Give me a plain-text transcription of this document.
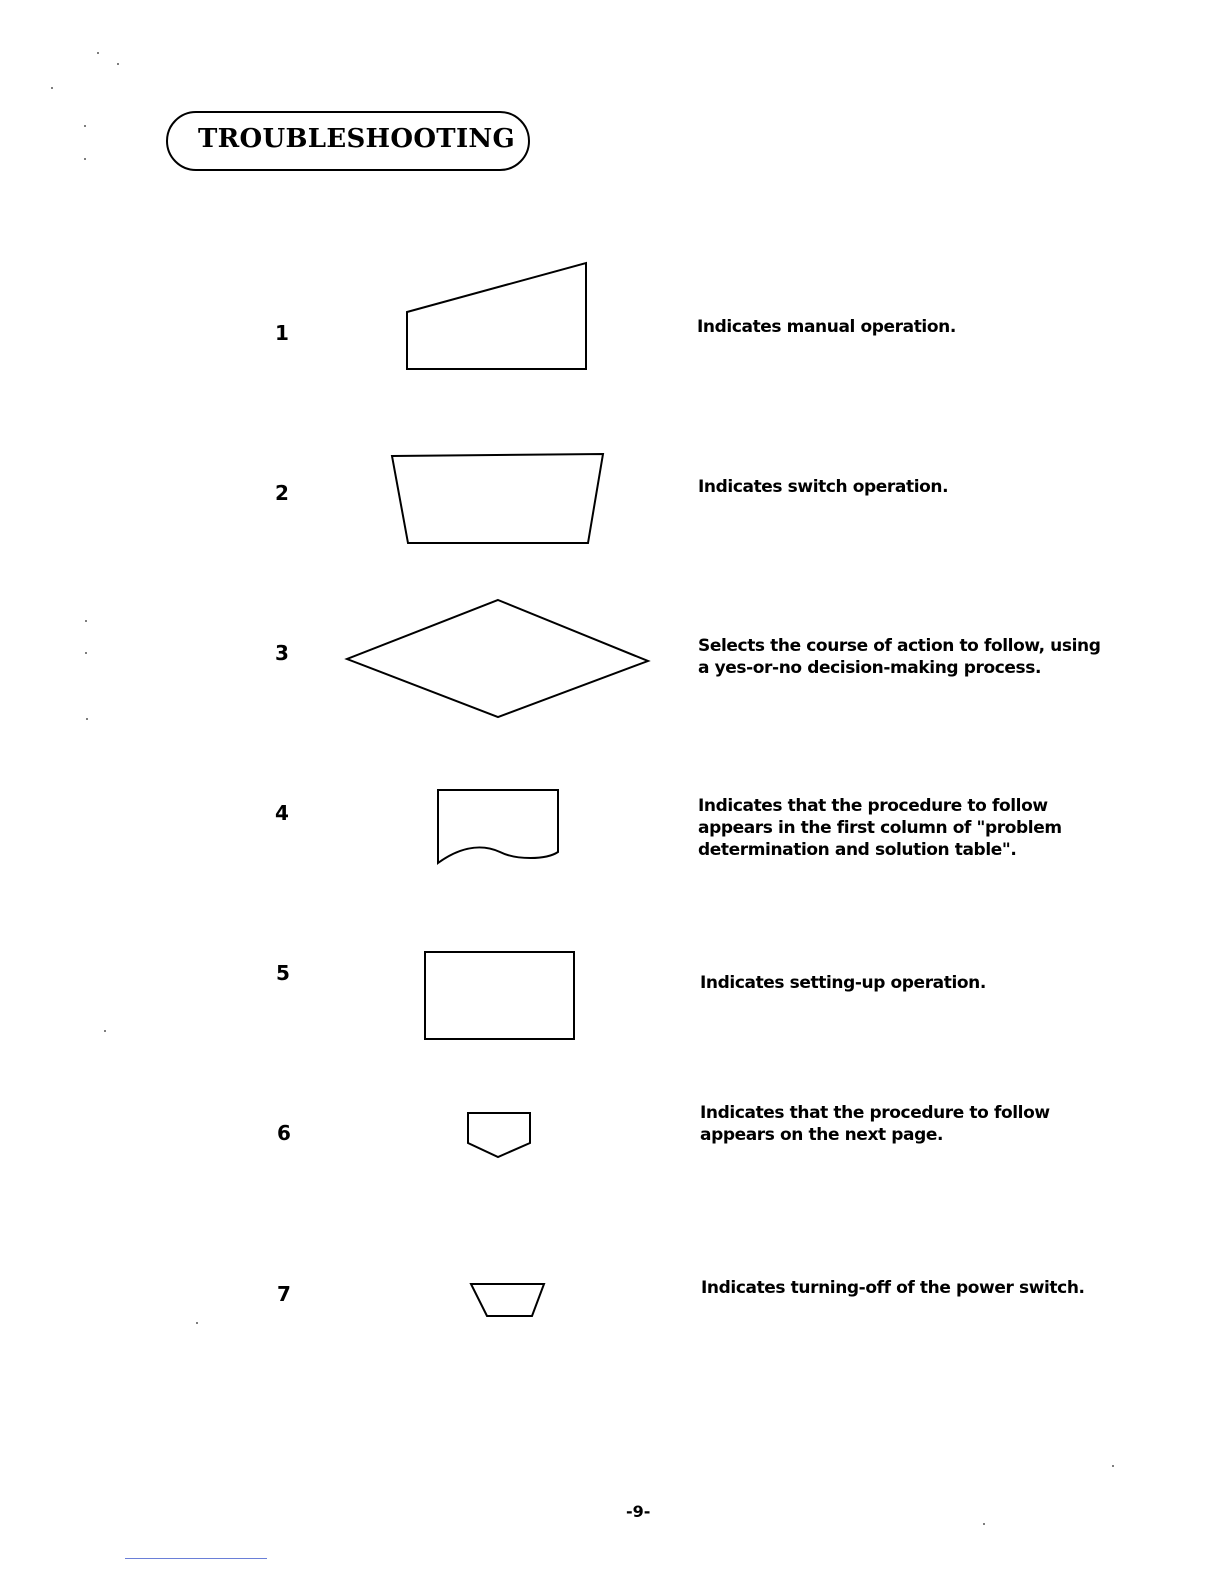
TROUBLESHOOTING
1
2
3
4
5
6
7
Indicates manual operation.
Indicates switch operation.
Selects the course of action to follow, using
a yes-or-no decision-making process.
Indicates that the procedure to follow
appears in the first column of "problem
determination and solution table".
Indicates setting-up operation.
Indicates that the procedure to follow
appears on the next page.
Indicates turning-off of the power switch.
-9-
